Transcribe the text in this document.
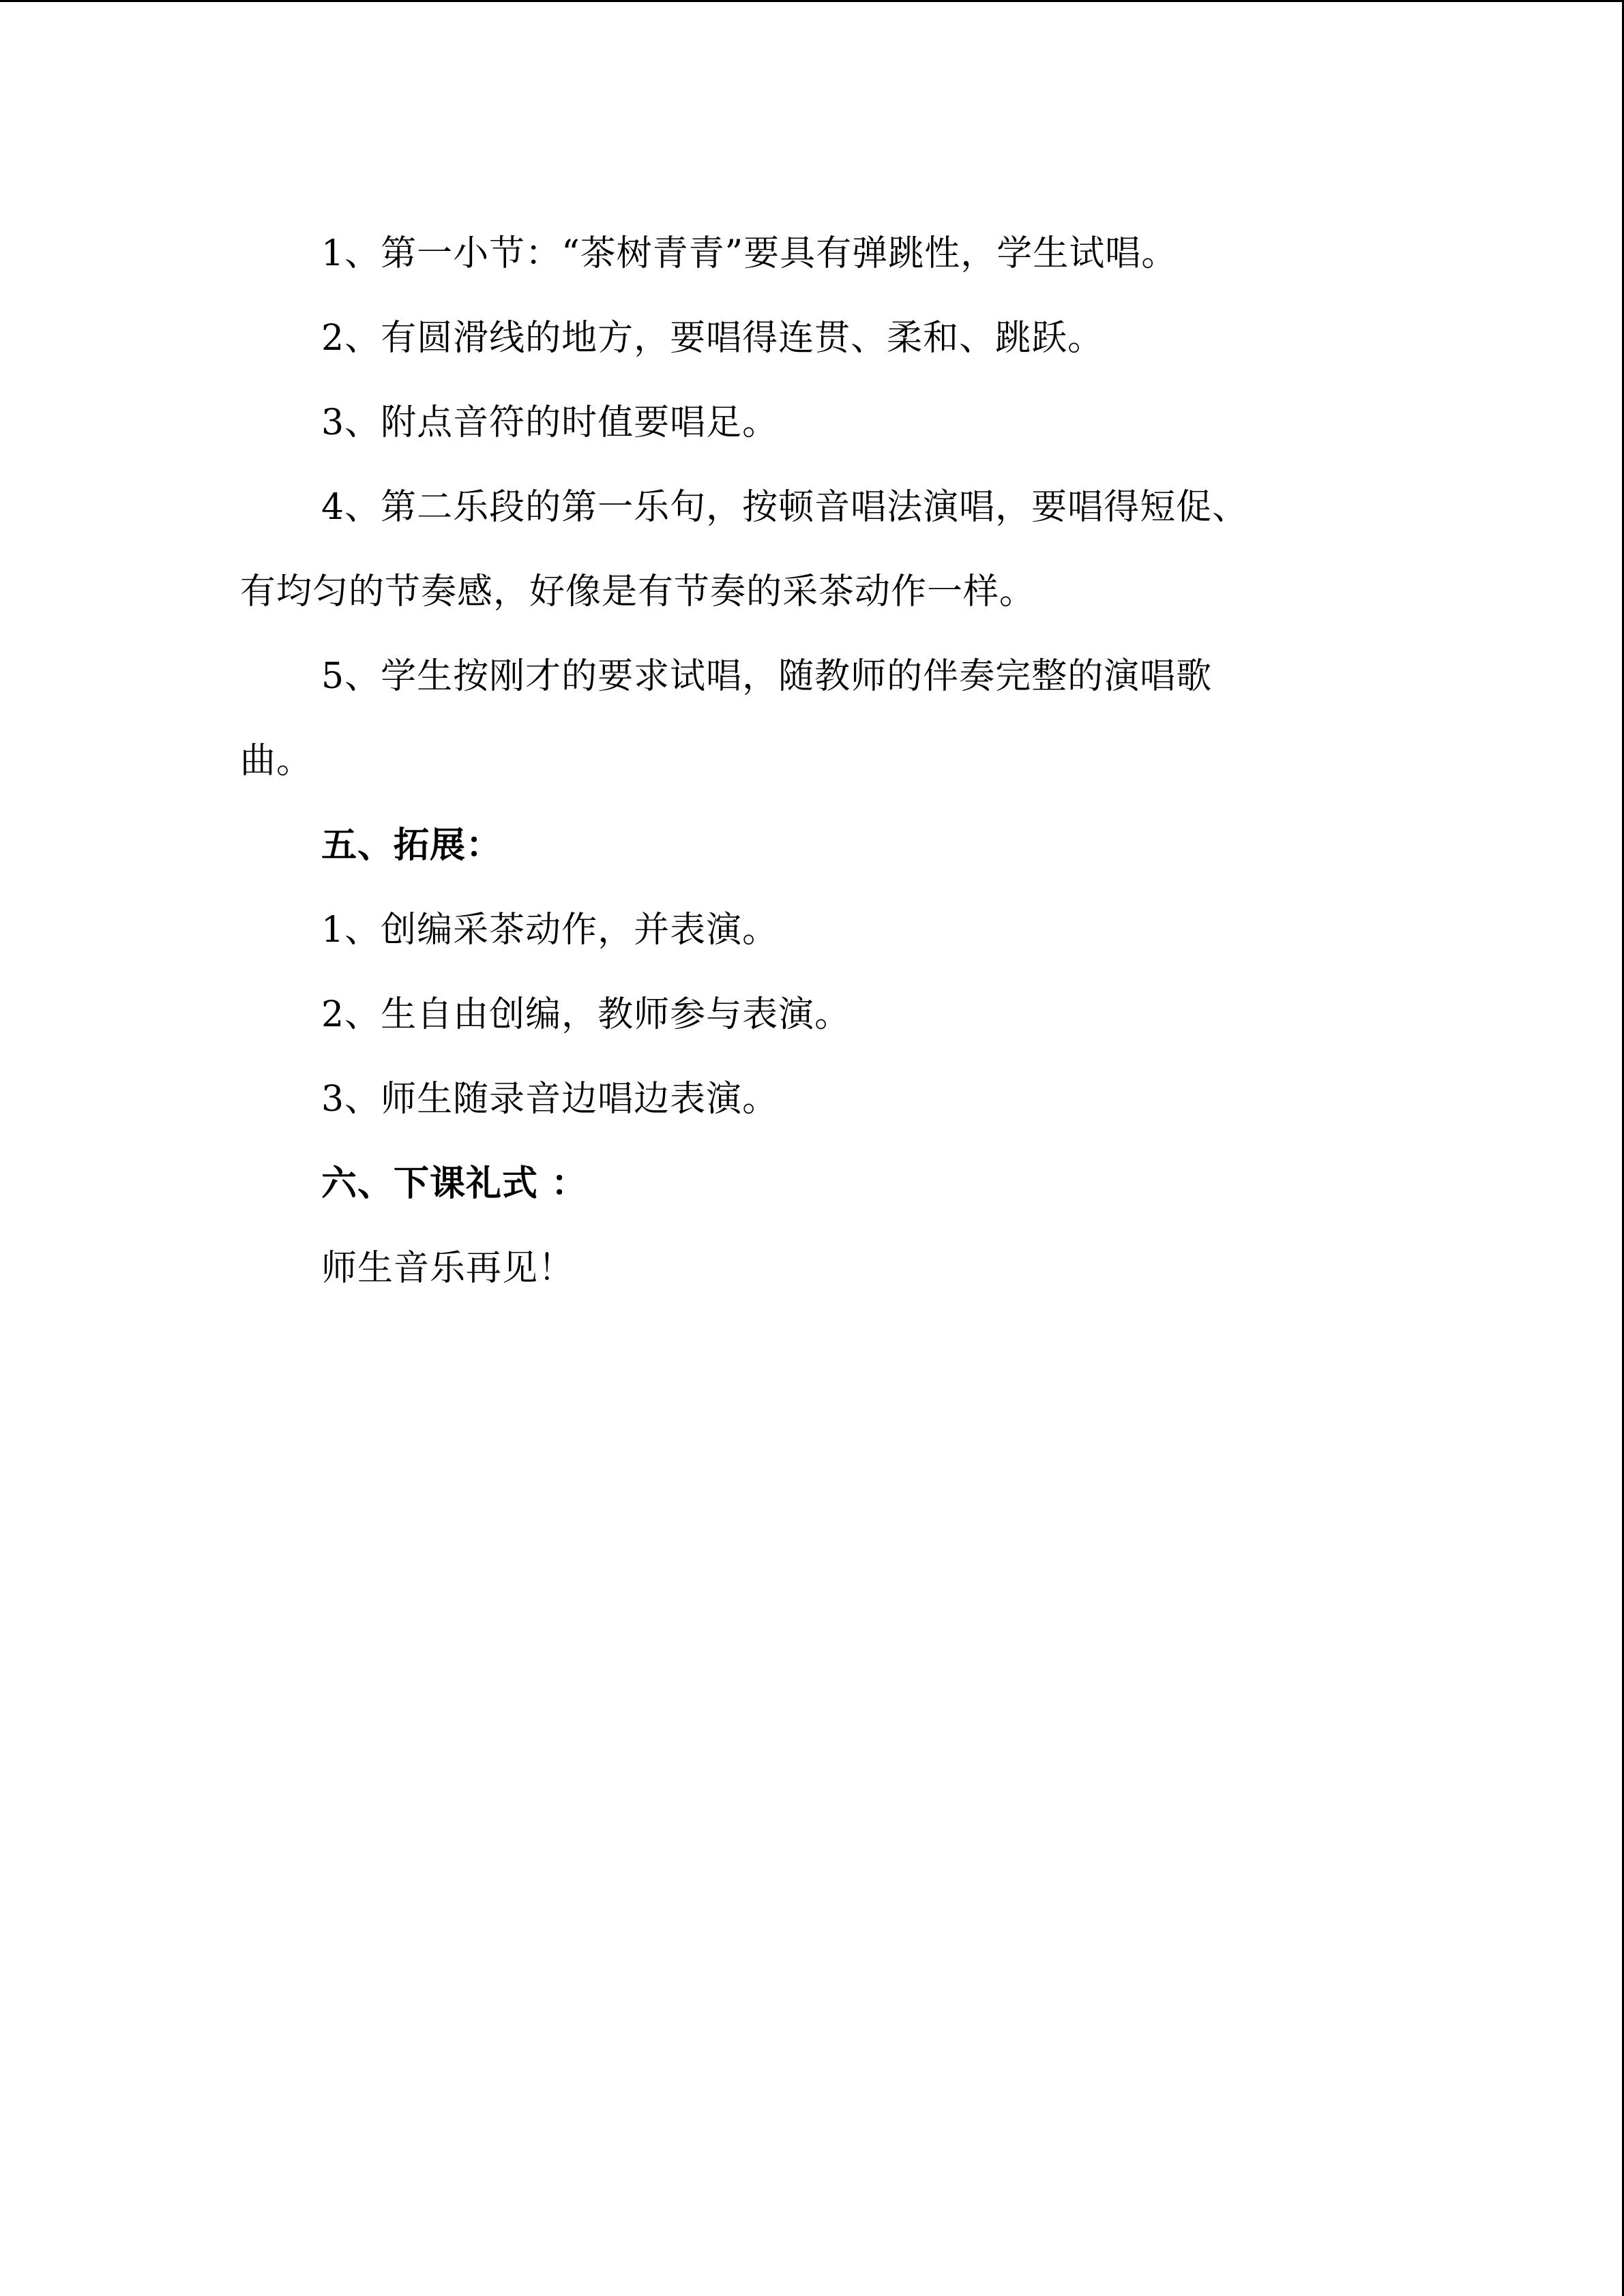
1、第一小节：“茶树青青”要具有弹跳性，学生试唱。
2、有圆滑线的地方，要唱得连贯、柔和、跳跃。
3、附点音符的时值要唱足。
4、第二乐段的第一乐句，按顿音唱法演唱，要唱得短促、
有均匀的节奏感，好像是有节奏的采茶动作一样。
5、学生按刚才的要求试唱，随教师的伴奏完整的演唱歌
曲。
五、拓展：
1、创编采茶动作，并表演。
2、生自由创编，教师参与表演。
3、师生随录音边唱边表演。
六、下课礼式 ：
师生音乐再见！
